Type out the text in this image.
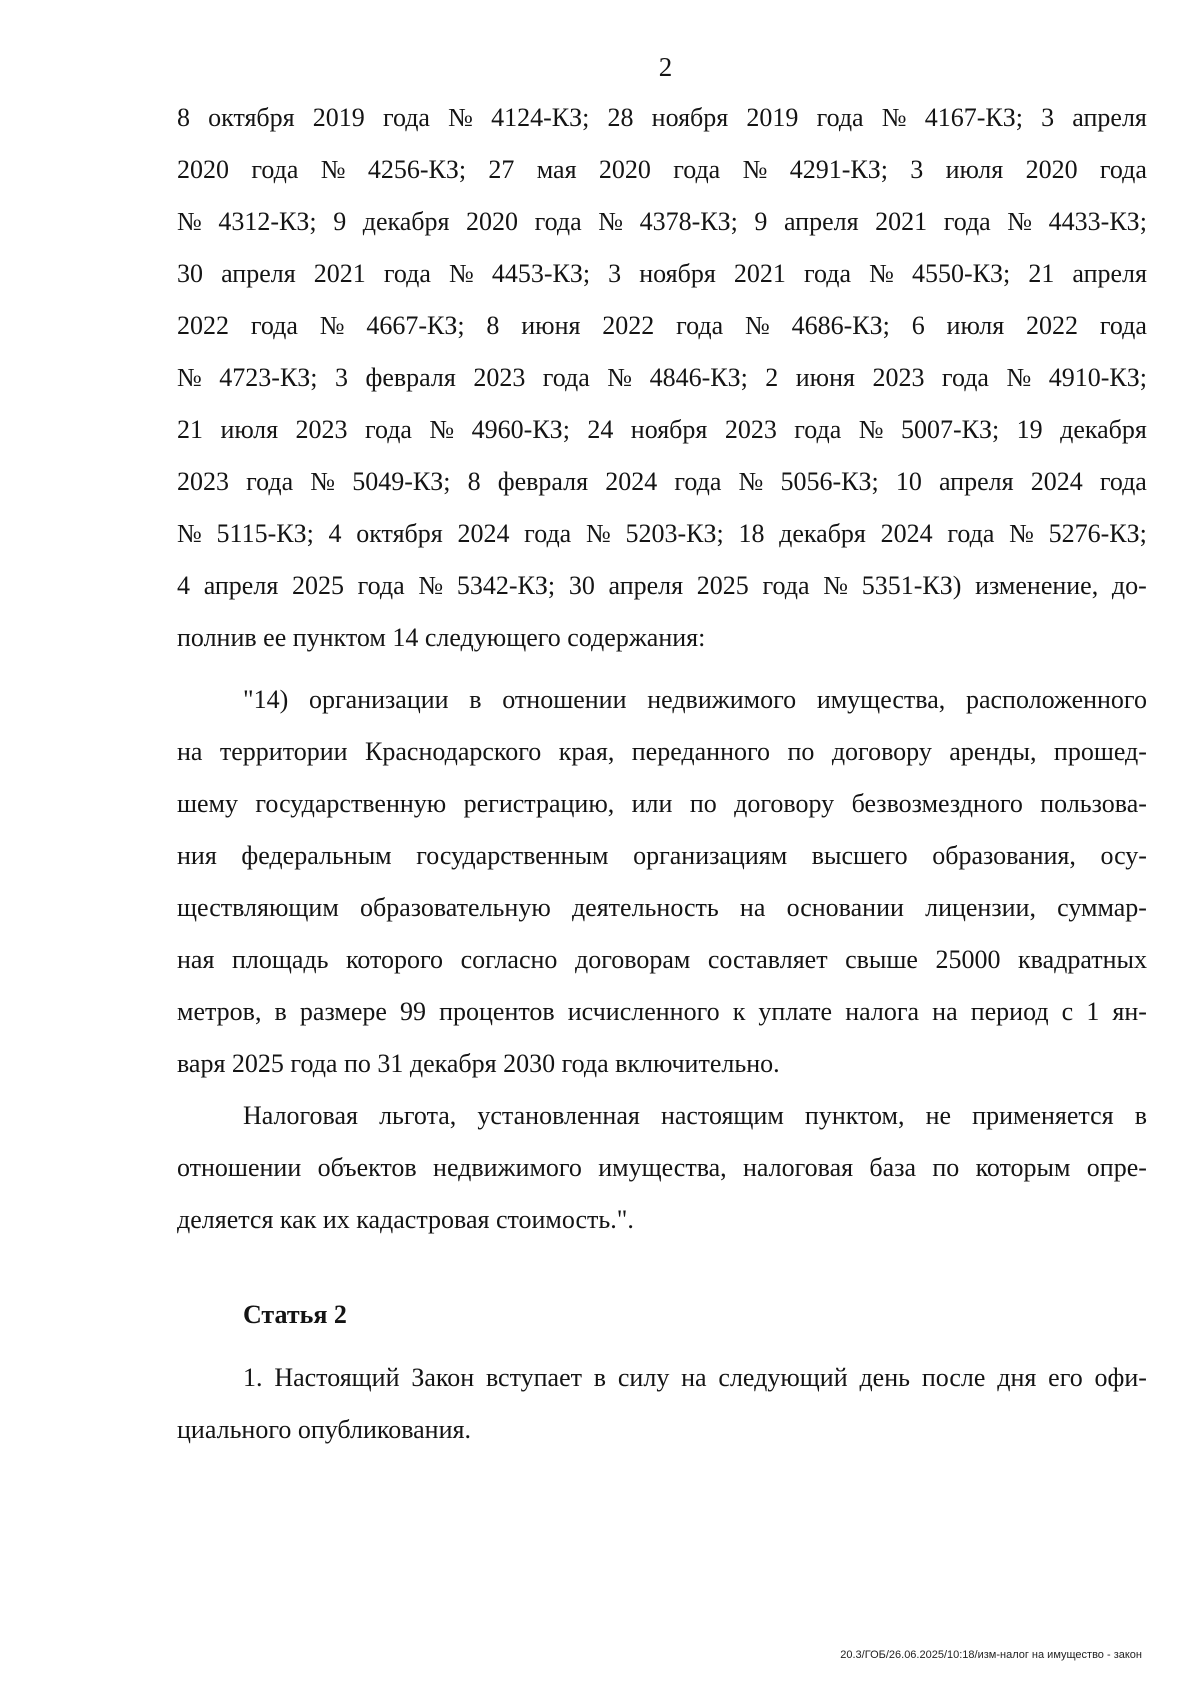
2
8 октября 2019 года № 4124-КЗ; 28 ноября 2019 года № 4167-КЗ; 3 апреля
2020 года № 4256-КЗ; 27 мая 2020 года № 4291-КЗ; 3 июля 2020 года
№ 4312-КЗ; 9 декабря 2020 года № 4378-КЗ; 9 апреля 2021 года № 4433-КЗ;
30 апреля 2021 года № 4453-КЗ; 3 ноября 2021 года № 4550-КЗ; 21 апреля
2022 года № 4667-КЗ; 8 июня 2022 года № 4686-КЗ; 6 июля 2022 года
№ 4723-КЗ; 3 февраля 2023 года № 4846-КЗ; 2 июня 2023 года № 4910-КЗ;
21 июля 2023 года № 4960-КЗ; 24 ноября 2023 года № 5007-КЗ; 19 декабря
2023 года № 5049-КЗ; 8 февраля 2024 года № 5056-КЗ; 10 апреля 2024 года
№ 5115-КЗ; 4 октября 2024 года № 5203-КЗ; 18 декабря 2024 года № 5276-КЗ;
4 апреля 2025 года № 5342-КЗ; 30 апреля 2025 года № 5351-КЗ) изменение, до-
полнив ее пунктом 14 следующего содержания:
"14) организации в отношении недвижимого имущества, расположенного
на территории Краснодарского края, переданного по договору аренды, прошед-
шему государственную регистрацию, или по договору безвозмездного пользова-
ния федеральным государственным организациям высшего образования, осу-
ществляющим образовательную деятельность на основании лицензии, суммар-
ная площадь которого согласно договорам составляет свыше 25000 квадратных
метров, в размере 99 процентов исчисленного к уплате налога на период с 1 ян-
варя 2025 года по 31 декабря 2030 года включительно.
Налоговая льгота, установленная настоящим пунктом, не применяется в
отношении объектов недвижимого имущества, налоговая база по которым опре-
деляется как их кадастровая стоимость.".
Статья 2
1. Настоящий Закон вступает в силу на следующий день после дня его офи-
циального опубликования.
20.3/ГОБ/26.06.2025/10:18/изм-налог на имущество - закон
